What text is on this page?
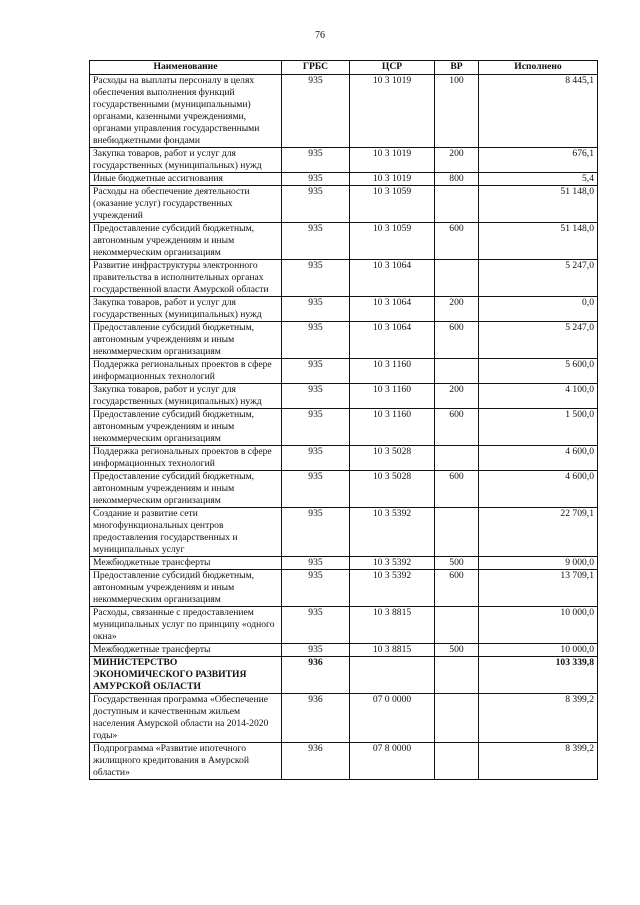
76
Наименование	ГРБС	ЦСР	ВР	Исполнено
Расходы на выплаты персоналу в целях обеспечения выполнения функций государственными (муниципальными) органами, казенными учреждениями, органами управления государственными внебюджетными фондами	935	10 3 1019	100	8 445,1
Закупка товаров, работ и услуг для государственных (муниципальных) нужд	935	10 3 1019	200	676,1
Иные бюджетные ассигнования	935	10 3 1019	800	5,4
Расходы на обеспечение деятельности (оказание услуг) государственных учреждений	935	10 3 1059		51 148,0
Предоставление субсидий бюджетным, автономным учреждениям и иным некоммерческим организациям	935	10 3 1059	600	51 148,0
Развитие инфраструктуры электронного правительства в исполнительных органах государственной власти Амурской области	935	10 3 1064		5 247,0
Закупка товаров, работ и услуг для государственных (муниципальных) нужд	935	10 3 1064	200	0,0
Предоставление субсидий бюджетным, автономным учреждениям и иным некоммерческим организациям	935	10 3 1064	600	5 247,0
Поддержка региональных проектов в сфере информационных технологий	935	10 3 1160		5 600,0
Закупка товаров, работ и услуг для государственных (муниципальных) нужд	935	10 3 1160	200	4 100,0
Предоставление субсидий бюджетным, автономным учреждениям и иным некоммерческим организациям	935	10 3 1160	600	1 500,0
Поддержка региональных проектов в сфере информационных технологий	935	10 3 5028		4 600,0
Предоставление субсидий бюджетным, автономным учреждениям и иным некоммерческим организациям	935	10 3 5028	600	4 600,0
Создание и развитие сети многофункциональных центров предоставления государственных и муниципальных услуг	935	10 3 5392		22 709,1
Межбюджетные трансферты	935	10 3 5392	500	9 000,0
Предоставление субсидий бюджетным, автономным учреждениям и иным некоммерческим организациям	935	10 3 5392	600	13 709,1
Расходы, связанные с предоставлением муниципальных услуг по принципу «одного окна»	935	10 3 8815		10 000,0
Межбюджетные трансферты	935	10 3 8815	500	10 000,0
МИНИСТЕРСТВО ЭКОНОМИЧЕСКОГО РАЗВИТИЯ АМУРСКОЙ ОБЛАСТИ	936			103 339,8
Государственная программа «Обеспечение доступным и качественным жильем населения Амурской области на 2014-2020 годы»	936	07 0 0000		8 399,2
Подпрограмма «Развитие ипотечного жилищного кредитования в Амурской области»	936	07 8 0000		8 399,2
